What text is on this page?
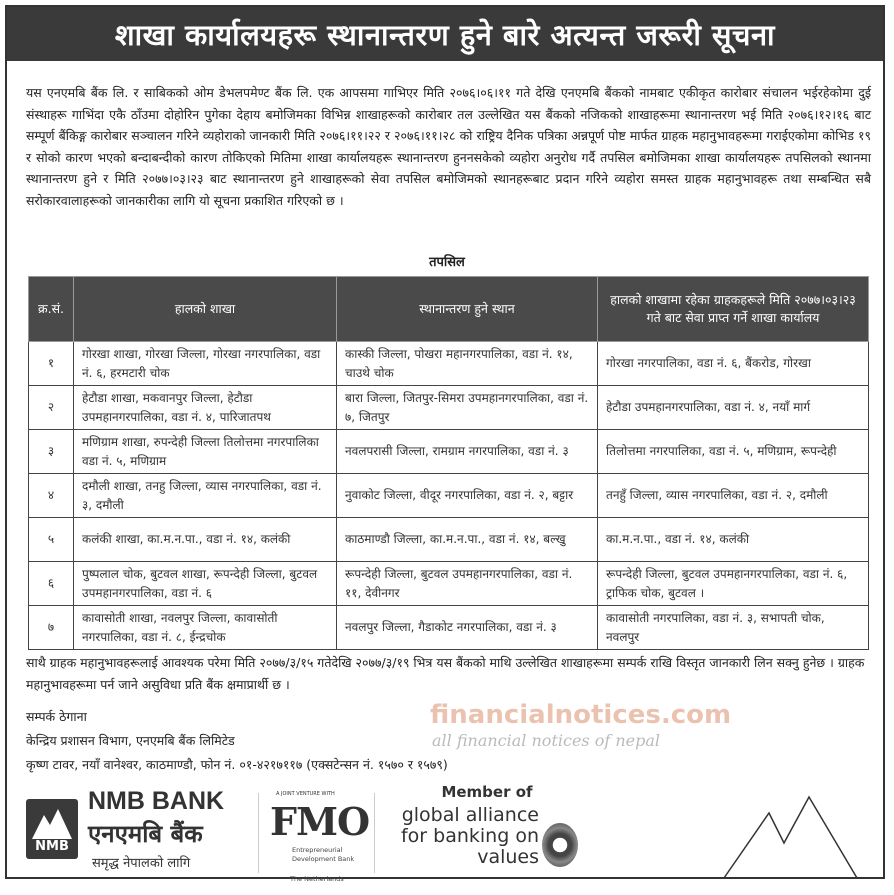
शाखा कार्यालयहरू स्थानान्तरण हुने बारे अत्यन्त जरूरी सूचना
यस एनएमबि बैंक लि. र साबिकको ओम डेभलपमेण्ट बैंक लि. एक आपसमा गाभिएर मिति २०७६।०६।११ गते देखि एनएमबि बैंकको नामबाट एकीकृत कारोबार संचालन भईरहेकोमा दुई संस्थाहरू गाभिंदा एकै ठाँउमा दोहोरिन पुगेका देहाय बमोजिमका विभिन्न शाखाहरूको कारोबार तल उल्लेखित यस बैंकको नजिकको शाखाहरूमा स्थानान्तरण भई मिति २०७६।१२।१६ बाट सम्पूर्ण बैंकिङ्ग कारोबार सञ्चालन गरिने व्यहोराको जानकारी मिति २०७६।११।२२ र २०७६।११।२८ को राष्ट्रिय दैनिक पत्रिका अन्नपूर्ण पोष्ट मार्फत ग्राहक महानुभावहरूमा गराईएकोमा कोभिड १९ र सोको कारण भएको बन्दाबन्दीको कारण तोकिएको मितिमा शाखा कार्यालयहरू स्थानान्तरण हुननसकेको व्यहोरा अनुरोध गर्दै तपसिल बमोजिमका शाखा कार्यालयहरू तपसिलको स्थानमा स्थानान्तरण हुने र मिति २०७७।०३।२३ बाट स्थानान्तरण हुने शाखाहरूको सेवा तपसिल बमोजिमको स्थानहरूबाट प्रदान गरिने व्यहोरा समस्त ग्राहक महानुभावहरू तथा सम्बन्धित सबै सरोकारवालाहरूको जानकारीका लागि यो सूचना प्रकाशित गरिएको छ ।
तपसिल
क्र.सं.	हालको शाखा	स्थानान्तरण हुने स्थान	हालको शाखामा रहेका ग्राहकहरूले मिति २०७७।०३।२३ गते बाट सेवा प्राप्त गर्ने शाखा कार्यालय
१	गोरखा शाखा, गोरखा जिल्ला, गोरखा नगरपालिका, वडा नं. ६, हरमटारी चोक	कास्की जिल्ला, पोखरा महानगरपालिका, वडा नं. १४, चाउथे चोक	गोरखा नगरपालिका, वडा नं. ६, बैंकरोड, गोरखा
२	हेटौडा शाखा, मकवानपुर जिल्ला, हेटौडा उपमहानगरपालिका, वडा नं. ४, पारिजातपथ	बारा जिल्ला, जितपुर-सिमरा उपमहानगरपालिका, वडा नं. ७, जितपुर	हेटौडा उपमहानगरपालिका, वडा नं. ४, नयाँ मार्ग
३	मणिग्राम शाखा, रुपन्देही जिल्ला तिलोत्तमा नगरपालिका वडा नं. ५, मणिग्राम	नवलपरासी जिल्ला, रामग्राम नगरपालिका, वडा नं. ३	तिलोत्तमा नगरपालिका, वडा नं. ५, मणिग्राम, रूपन्देही
४	दमौली शाखा, तनहु जिल्ला, व्यास नगरपालिका, वडा नं. ३, दमौली	नुवाकोट जिल्ला, वीदूर नगरपालिका, वडा नं. २, बट्टार	तनहुँ जिल्ला, व्यास नगरपालिका, वडा नं. २, दमौली
५	कलंकी शाखा, का.म.न.पा., वडा नं. १४, कलंकी	काठमाण्डौ जिल्ला, का.म.न.पा., वडा नं. १४, बल्खु	का.म.न.पा., वडा नं. १४, कलंकी
६	पुष्पलाल चोक, बुटवल शाखा, रूपन्देही जिल्ला, बुटवल उपमहानगरपालिका, वडा नं. ६	रूपन्देही जिल्ला, बुटवल उपमहानगरपालिका, वडा नं. ११, देवीनगर	रूपन्देही जिल्ला, बुटवल उपमहानगरपालिका, वडा नं. ६, ट्राफिक चोक, बुटवल ।
७	कावासोती शाखा, नवलपुर जिल्ला, कावासोती नगरपालिका, वडा नं. ८, ईन्द्रचोक	नवलपुर जिल्ला, गैडाकोट नगरपालिका, वडा नं. ३	कावासोती नगरपालिका, वडा नं. ३, सभापती चोक, नवलपुर

साथै ग्राहक महानुभावहरूलाई आवश्यक परेमा मिति २०७७/३/१५ गतेदेखि २०७७/३/१९ भित्र यस बैंकको माथि उल्लेखित शाखाहरूमा सम्पर्क राखि विस्तृत जानकारी लिन सक्नु हुनेछ । ग्राहक महानुभावहरूमा पर्न जाने असुविधा प्रति बैंक क्षमाप्रार्थी छ ।

सम्पर्क ठेगाना

केन्द्रिय प्रशासन विभाग, एनएमबि बैंक लिमिटेड

कृष्ण टावर, नयाँ वानेश्वर, काठमाण्डौ, फोन नं. ०१-४२१७११७ (एक्सटेन्सन नं. १५७० र १५७९)

financialnotices.com
all financial notices of nepal
NMB
NMB BANK
एनएमबि बैंक
समृद्ध नेपालको लागि
A JOINT VENTURE WITH
FMO
Entrepreneurial Development Bank
The Netherlands
Member of
global alliance for banking on values
